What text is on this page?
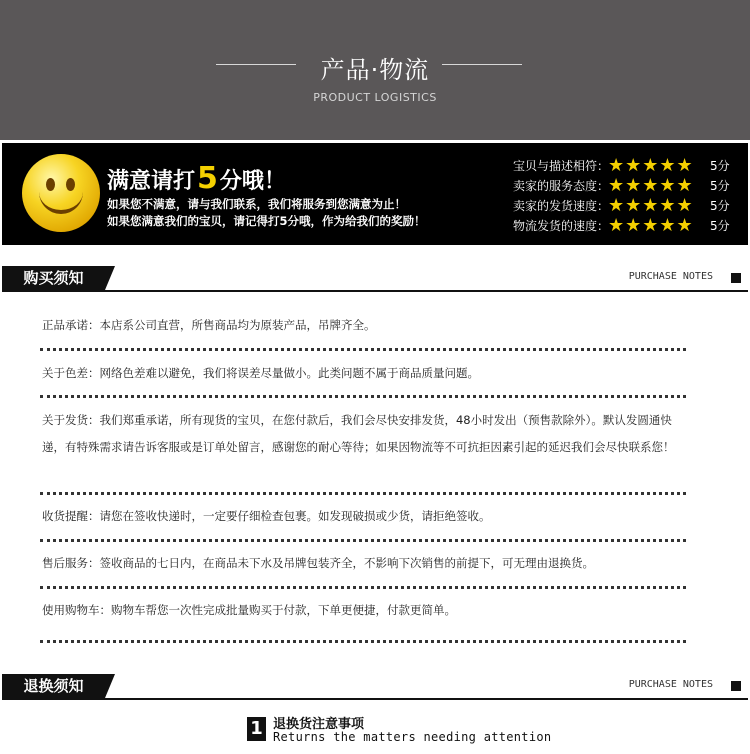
产品·物流
PRODUCT LOGISTICS
满意请打5分哦！
如果您不满意，请与我们联系，我们将服务到您满意为止！
如果您满意我们的宝贝，请记得打5分哦，作为给我们的奖励！
宝贝与描述相符：
★★★★★	5分
卖家的服务态度：
★★★★★	5分
卖家的发货速度：
★★★★★	5分
物流发货的速度：
★★★★★	5分
购买须知	PURCHASE NOTES
正品承诺：本店系公司直营，所售商品均为原装产品，吊牌齐全。
关于色差：网络色差难以避免，我们将误差尽量做小。此类问题不属于商品质量问题。
关于发货：我们郑重承诺，所有现货的宝贝，在您付款后，我们会尽快安排发货，48小时发出（预售款除外）。默认发圆通快递，有特殊需求请告诉客服或是订单处留言，感谢您的耐心等待；如果因物流等不可抗拒因素引起的延迟我们会尽快联系您！
收货提醒：请您在签收快递时，一定要仔细检查包裹。如发现破损或少货，请拒绝签收。
售后服务：签收商品的七日内，在商品未下水及吊牌包装齐全，不影响下次销售的前提下，可无理由退换货。
使用购物车：购物车帮您一次性完成批量购买于付款，下单更便捷，付款更简单。
退换须知	PURCHASE NOTES
1 退换货注意事项
Returns the matters needing attention
